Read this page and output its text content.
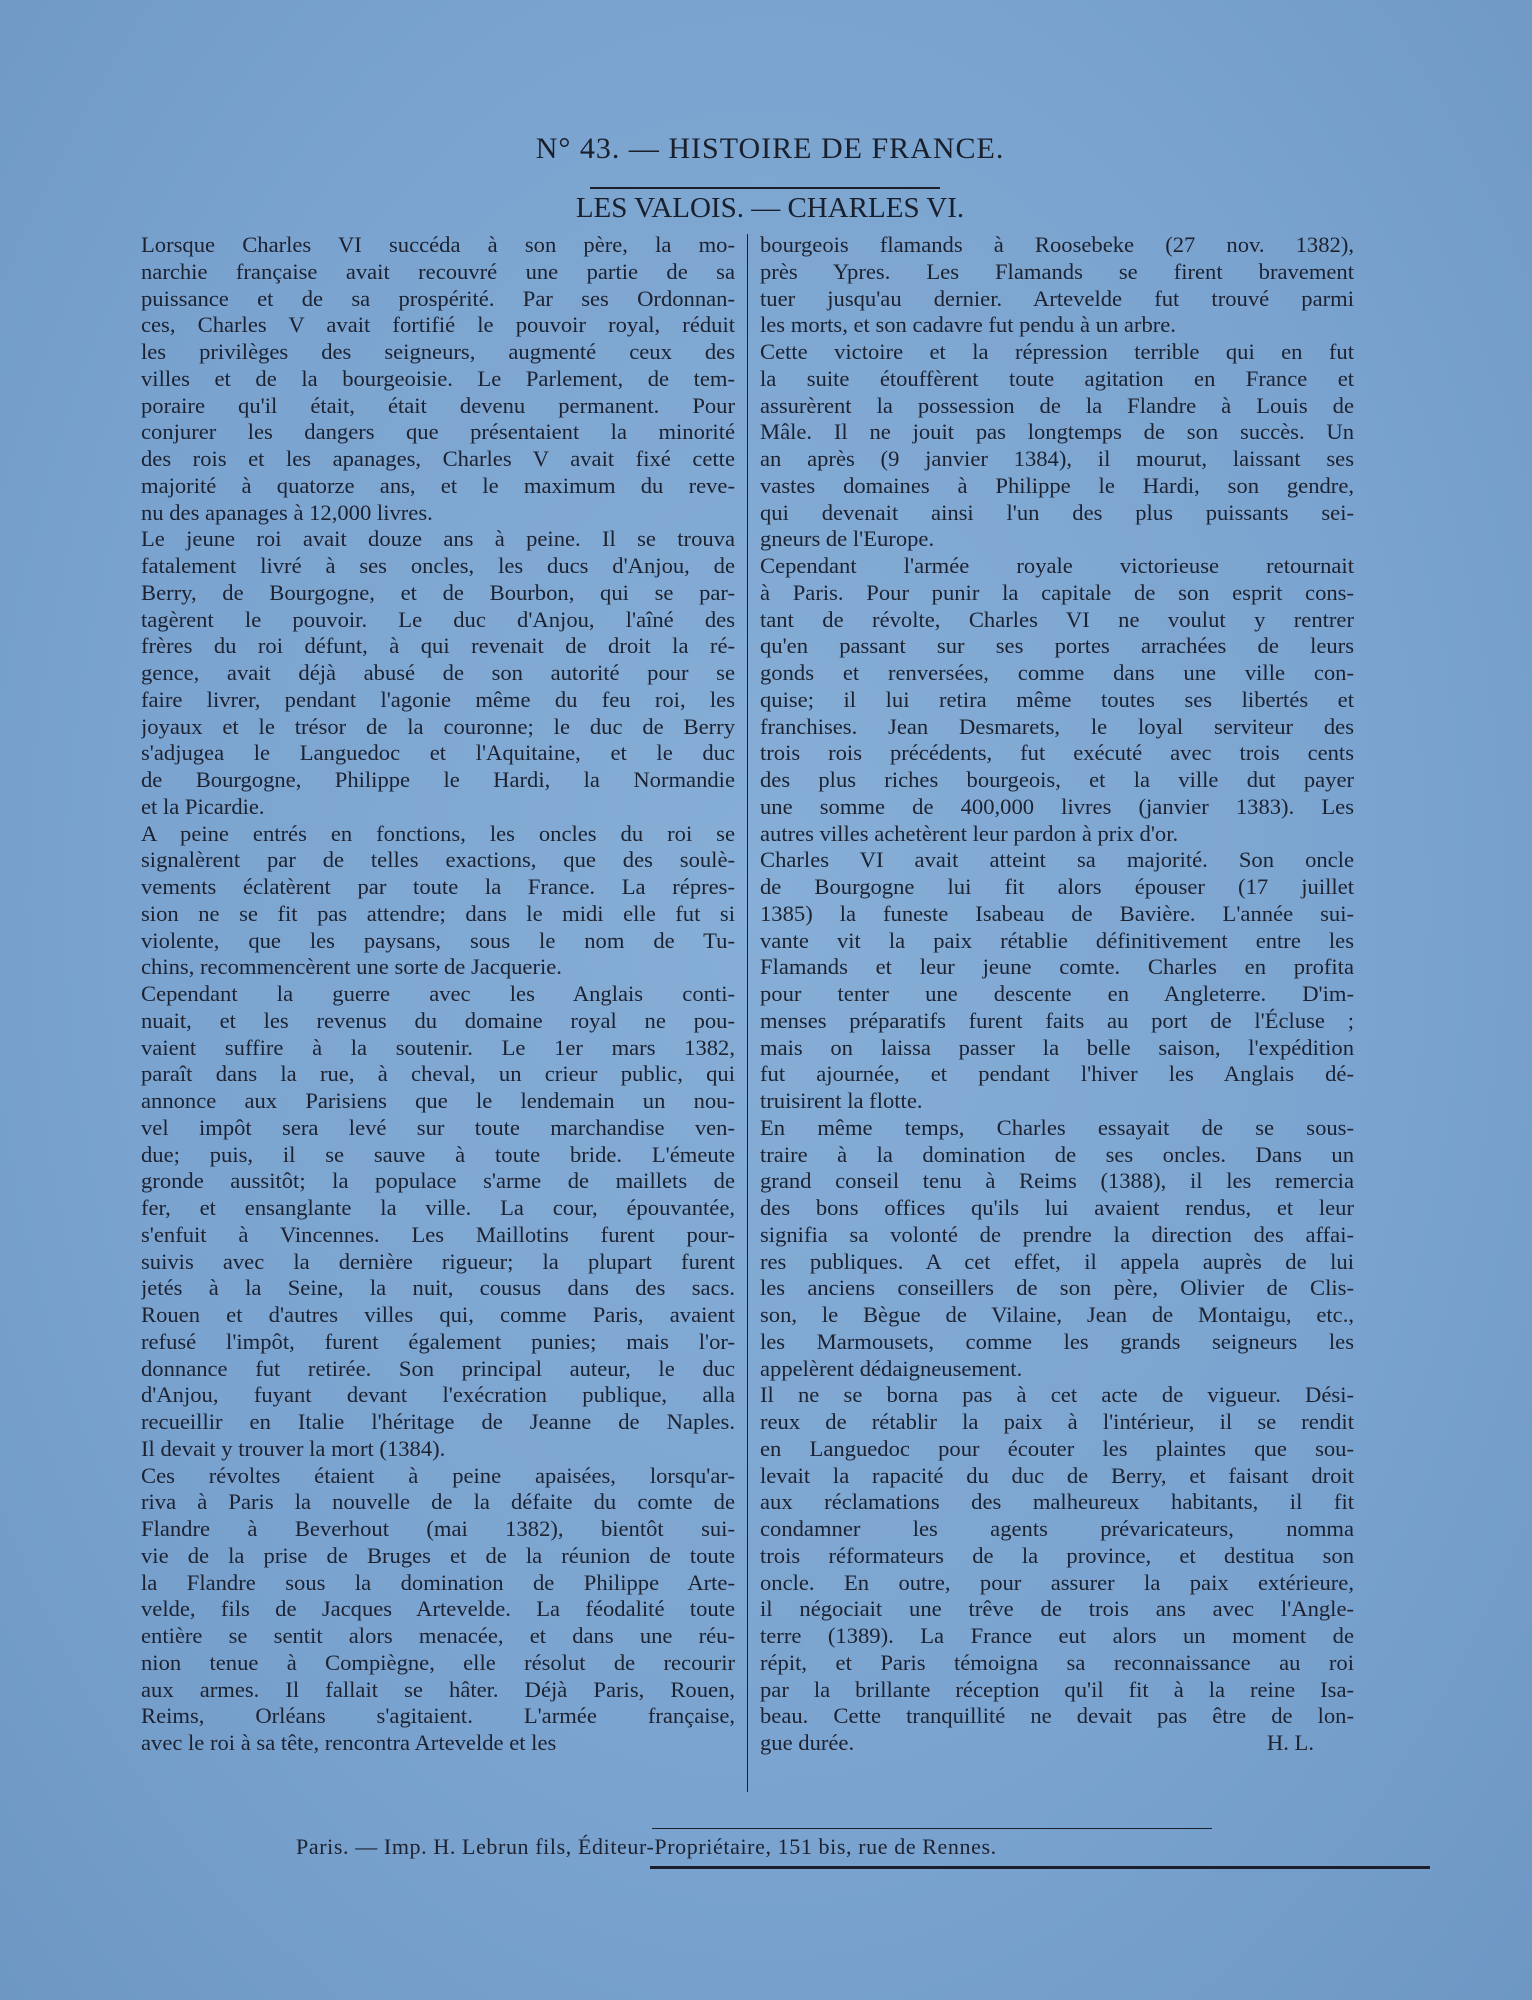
N° 43. — HISTOIRE DE FRANCE.
LES VALOIS. — CHARLES VI.
Lorsque Charles VI succéda à son père, la mo-
narchie française avait recouvré une partie de sa
puissance et de sa prospérité. Par ses Ordonnan-
ces, Charles V avait fortifié le pouvoir royal, réduit
les privilèges des seigneurs, augmenté ceux des
villes et de la bourgeoisie. Le Parlement, de tem-
poraire qu'il était, était devenu permanent. Pour
conjurer les dangers que présentaient la minorité
des rois et les apanages, Charles V avait fixé cette
majorité à quatorze ans, et le maximum du reve-
nu des apanages à 12,000 livres.
Le jeune roi avait douze ans à peine. Il se trouva
fatalement livré à ses oncles, les ducs d'Anjou, de
Berry, de Bourgogne, et de Bourbon, qui se par-
tagèrent le pouvoir. Le duc d'Anjou, l'aîné des
frères du roi défunt, à qui revenait de droit la ré-
gence, avait déjà abusé de son autorité pour se
faire livrer, pendant l'agonie même du feu roi, les
joyaux et le trésor de la couronne; le duc de Berry
s'adjugea le Languedoc et l'Aquitaine, et le duc
de Bourgogne, Philippe le Hardi, la Normandie
et la Picardie.
A peine entrés en fonctions, les oncles du roi se
signalèrent par de telles exactions, que des soulè-
vements éclatèrent par toute la France. La répres-
sion ne se fit pas attendre; dans le midi elle fut si
violente, que les paysans, sous le nom de Tu-
chins, recommencèrent une sorte de Jacquerie.
Cependant la guerre avec les Anglais conti-
nuait, et les revenus du domaine royal ne pou-
vaient suffire à la soutenir. Le 1er mars 1382,
paraît dans la rue, à cheval, un crieur public, qui
annonce aux Parisiens que le lendemain un nou-
vel impôt sera levé sur toute marchandise ven-
due; puis, il se sauve à toute bride. L'émeute
gronde aussitôt; la populace s'arme de maillets de
fer, et ensanglante la ville. La cour, épouvantée,
s'enfuit à Vincennes. Les Maillotins furent pour-
suivis avec la dernière rigueur; la plupart furent
jetés à la Seine, la nuit, cousus dans des sacs.
Rouen et d'autres villes qui, comme Paris, avaient
refusé l'impôt, furent également punies; mais l'or-
donnance fut retirée. Son principal auteur, le duc
d'Anjou, fuyant devant l'exécration publique, alla
recueillir en Italie l'héritage de Jeanne de Naples.
Il devait y trouver la mort (1384).
Ces révoltes étaient à peine apaisées, lorsqu'ar-
riva à Paris la nouvelle de la défaite du comte de
Flandre à Beverhout (mai 1382), bientôt sui-
vie de la prise de Bruges et de la réunion de toute
la Flandre sous la domination de Philippe Arte-
velde, fils de Jacques Artevelde. La féodalité toute
entière se sentit alors menacée, et dans une réu-
nion tenue à Compiègne, elle résolut de recourir
aux armes. Il fallait se hâter. Déjà Paris, Rouen,
Reims, Orléans s'agitaient. L'armée française,
avec le roi à sa tête, rencontra Artevelde et les
bourgeois flamands à Roosebeke (27 nov. 1382),
près Ypres. Les Flamands se firent bravement
tuer jusqu'au dernier. Artevelde fut trouvé parmi
les morts, et son cadavre fut pendu à un arbre.
Cette victoire et la répression terrible qui en fut
la suite étouffèrent toute agitation en France et
assurèrent la possession de la Flandre à Louis de
Mâle. Il ne jouit pas longtemps de son succès. Un
an après (9 janvier 1384), il mourut, laissant ses
vastes domaines à Philippe le Hardi, son gendre,
qui devenait ainsi l'un des plus puissants sei-
gneurs de l'Europe.
Cependant l'armée royale victorieuse retournait
à Paris. Pour punir la capitale de son esprit cons-
tant de révolte, Charles VI ne voulut y rentrer
qu'en passant sur ses portes arrachées de leurs
gonds et renversées, comme dans une ville con-
quise; il lui retira même toutes ses libertés et
franchises. Jean Desmarets, le loyal serviteur des
trois rois précédents, fut exécuté avec trois cents
des plus riches bourgeois, et la ville dut payer
une somme de 400,000 livres (janvier 1383). Les
autres villes achetèrent leur pardon à prix d'or.
Charles VI avait atteint sa majorité. Son oncle
de Bourgogne lui fit alors épouser (17 juillet
1385) la funeste Isabeau de Bavière. L'année sui-
vante vit la paix rétablie définitivement entre les
Flamands et leur jeune comte. Charles en profita
pour tenter une descente en Angleterre. D'im-
menses préparatifs furent faits au port de l'Écluse ;
mais on laissa passer la belle saison, l'expédition
fut ajournée, et pendant l'hiver les Anglais dé-
truisirent la flotte.
En même temps, Charles essayait de se sous-
traire à la domination de ses oncles. Dans un
grand conseil tenu à Reims (1388), il les remercia
des bons offices qu'ils lui avaient rendus, et leur
signifia sa volonté de prendre la direction des affai-
res publiques. A cet effet, il appela auprès de lui
les anciens conseillers de son père, Olivier de Clis-
son, le Bègue de Vilaine, Jean de Montaigu, etc.,
les Marmousets, comme les grands seigneurs les
appelèrent dédaigneusement.
Il ne se borna pas à cet acte de vigueur. Dési-
reux de rétablir la paix à l'intérieur, il se rendit
en Languedoc pour écouter les plaintes que sou-
levait la rapacité du duc de Berry, et faisant droit
aux réclamations des malheureux habitants, il fit
condamner les agents prévaricateurs, nomma
trois réformateurs de la province, et destitua son
oncle. En outre, pour assurer la paix extérieure,
il négociait une trêve de trois ans avec l'Angle-
terre (1389). La France eut alors un moment de
répit, et Paris témoigna sa reconnaissance au roi
par la brillante réception qu'il fit à la reine Isa-
beau. Cette tranquillité ne devait pas être de lon-
gue durée.	H. L.
Paris. — Imp. H. Lebrun fils, Éditeur-Propriétaire, 151 bis, rue de Rennes.
